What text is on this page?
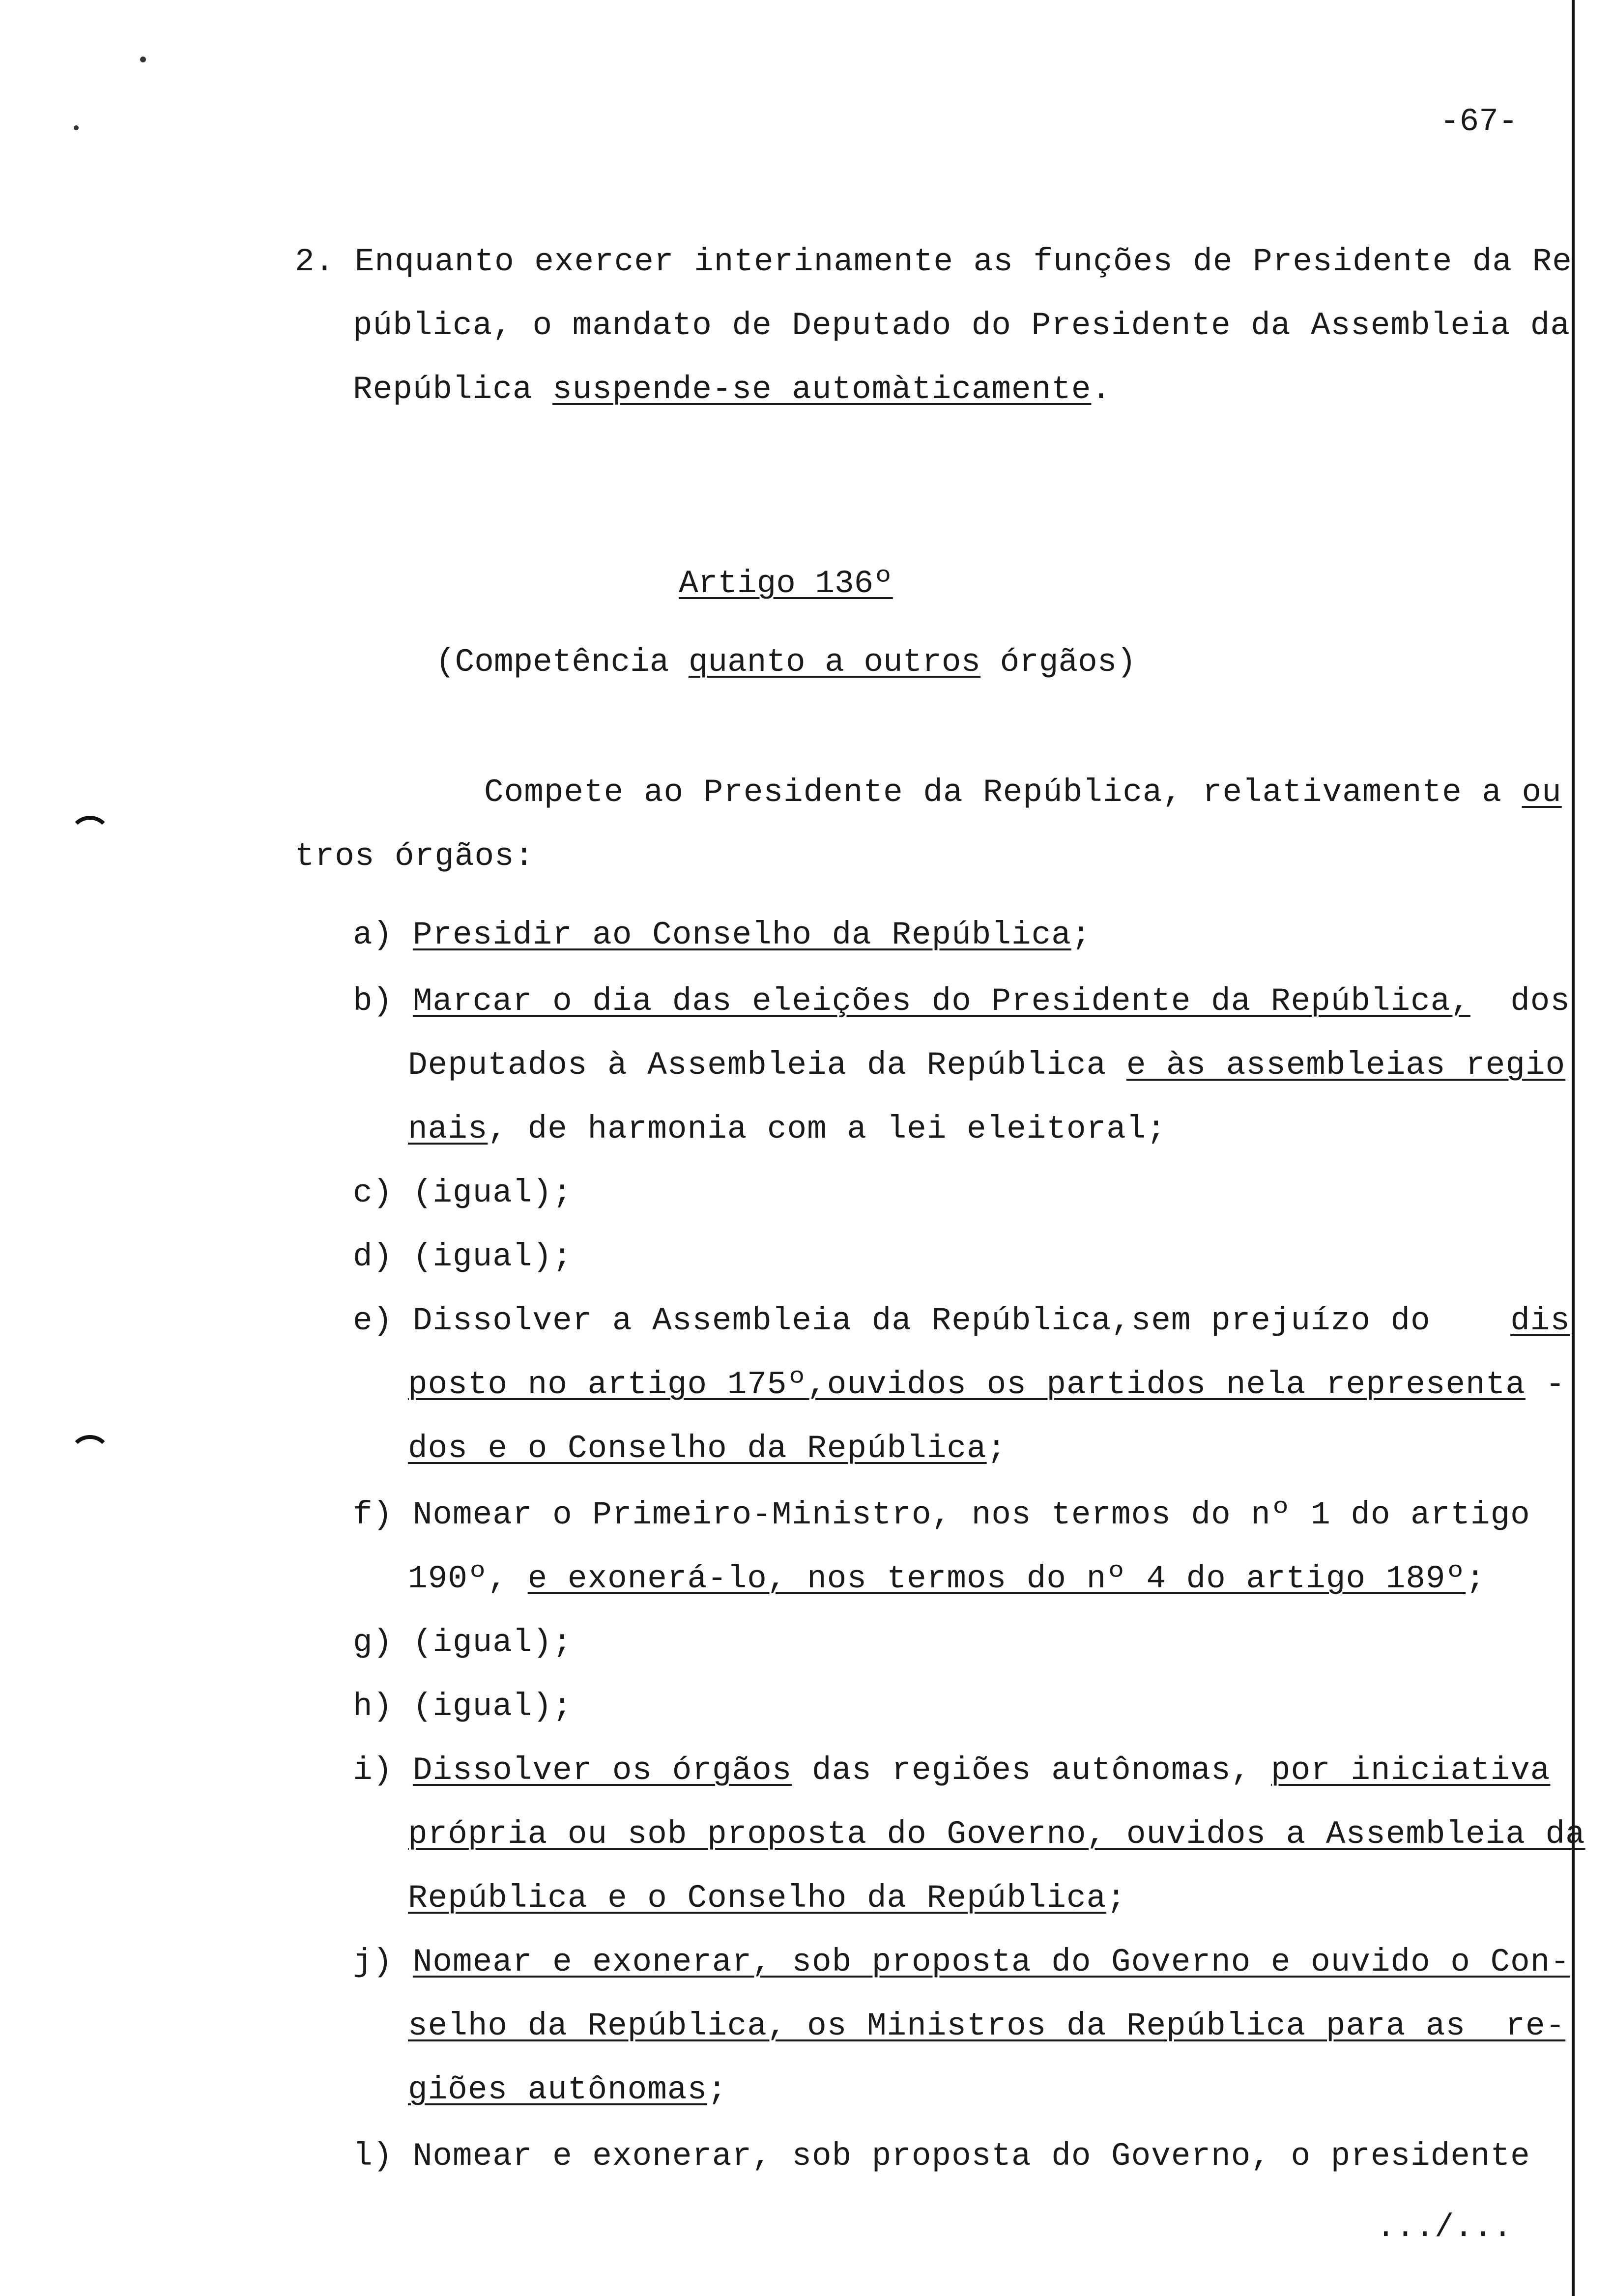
-67-
2. Enquanto exercer interinamente as funções de Presidente da Re
pública, o mandato de Deputado do Presidente da Assembleia da
República suspende-se automàticamente.
Artigo 136º
(Competência quanto a outros órgãos)
Compete ao Presidente da República, relativamente a ou
tros órgãos:
a) Presidir ao Conselho da República;
b) Marcar o dia das eleições do Presidente da República,  dos
Deputados à Assembleia da República e às assembleias regio
nais, de harmonia com a lei eleitoral;
c) (igual);
d) (igual);
e) Dissolver a Assembleia da República,sem prejuízo do    dis
posto no artigo 175º,ouvidos os partidos nela representa -
dos e o Conselho da República;
f) Nomear o Primeiro-Ministro, nos termos do nº 1 do artigo
190º, e exonerá-lo, nos termos do nº 4 do artigo 189º;
g) (igual);
h) (igual);
i) Dissolver os órgãos das regiões autônomas, por iniciativa
própria ou sob proposta do Governo, ouvidos a Assembleia da
República e o Conselho da República;
j) Nomear e exonerar, sob proposta do Governo e ouvido o Con-
selho da República, os Ministros da República para as  re-
giões autônomas;
l) Nomear e exonerar, sob proposta do Governo, o presidente
.../...
